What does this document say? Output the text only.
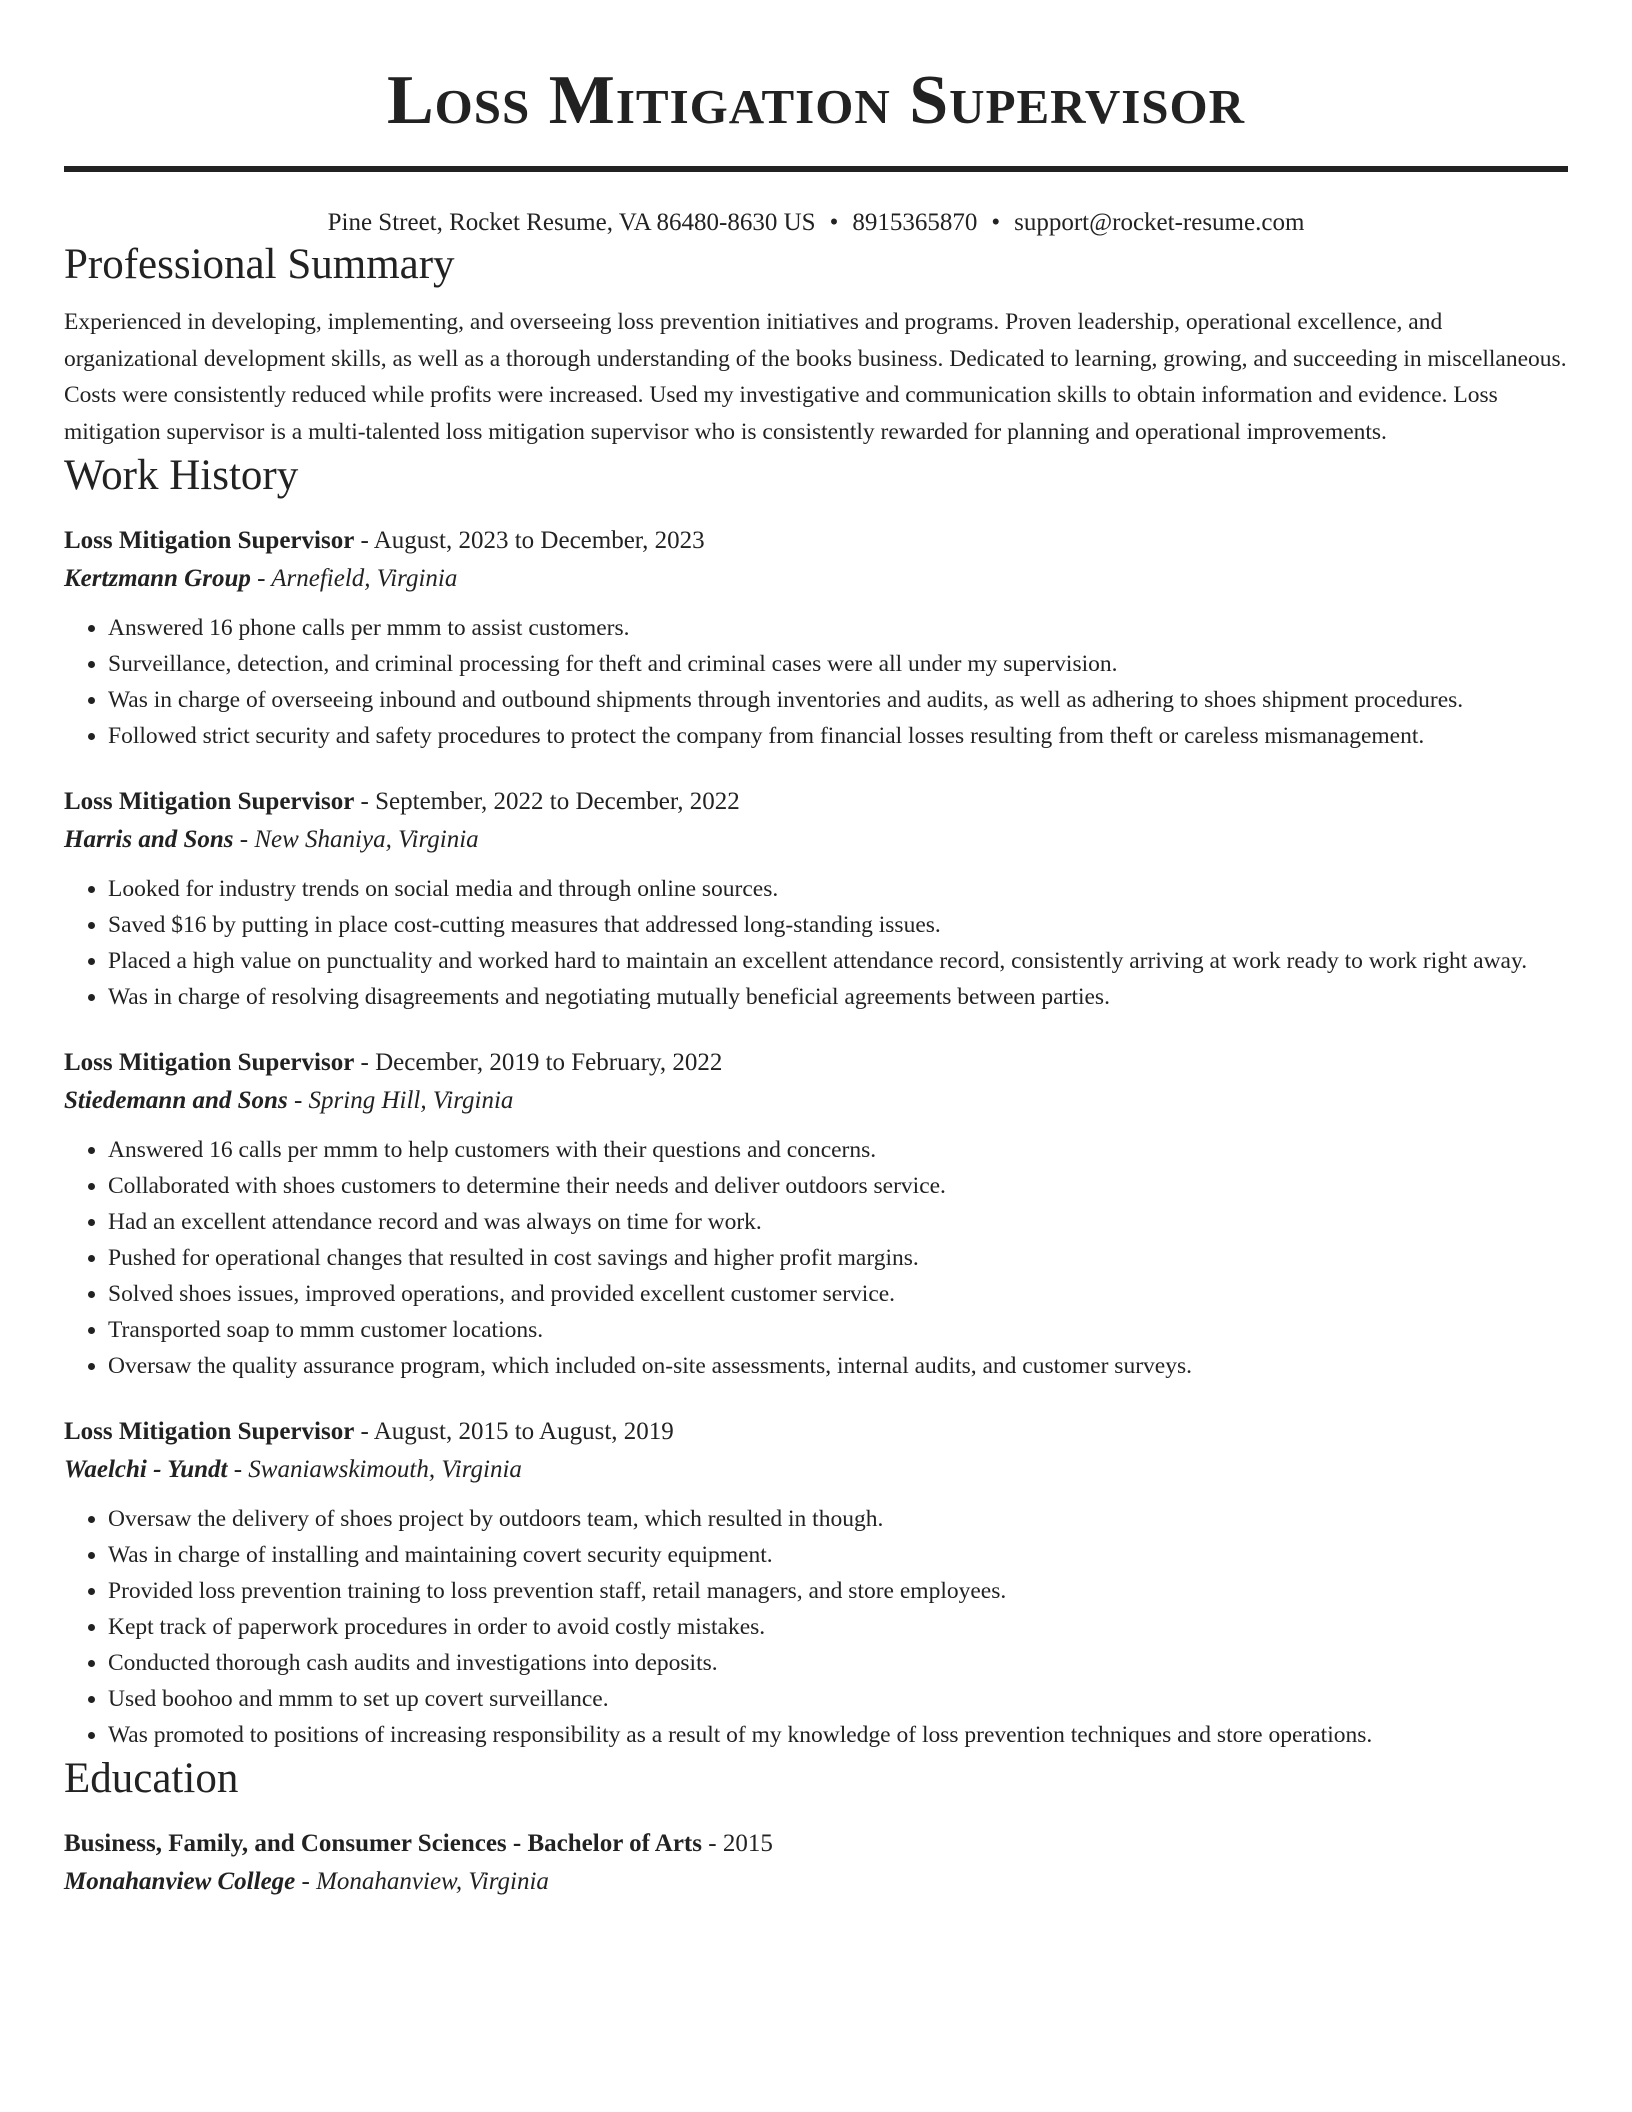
Loss Mitigation Supervisor
Pine Street, Rocket Resume, VA 86480-8630 US • 8915365870 • support@rocket-resume.com
Professional Summary

Experienced in developing, implementing, and overseeing loss prevention initiatives and programs. Proven leadership, operational excellence, and organizational development skills, as well as a thorough understanding of the books business. Dedicated to learning, growing, and succeeding in miscellaneous. Costs were consistently reduced while profits were increased. Used my investigative and communication skills to obtain information and evidence. Loss mitigation supervisor is a multi-talented loss mitigation supervisor who is consistently rewarded for planning and operational improvements.

Work History

Loss Mitigation Supervisor - August, 2023 to December, 2023

Kertzmann Group - Arnefield, Virginia

• Answered 16 phone calls per mmm to assist customers.
• Surveillance, detection, and criminal processing for theft and criminal cases were all under my supervision.
• Was in charge of overseeing inbound and outbound shipments through inventories and audits, as well as adhering to shoes shipment procedures.
• Followed strict security and safety procedures to protect the company from financial losses resulting from theft or careless mismanagement.

Loss Mitigation Supervisor - September, 2022 to December, 2022

Harris and Sons - New Shaniya, Virginia

• Looked for industry trends on social media and through online sources.
• Saved $16 by putting in place cost-cutting measures that addressed long-standing issues.
• Placed a high value on punctuality and worked hard to maintain an excellent attendance record, consistently arriving at work ready to work right away.
• Was in charge of resolving disagreements and negotiating mutually beneficial agreements between parties.

Loss Mitigation Supervisor - December, 2019 to February, 2022

Stiedemann and Sons - Spring Hill, Virginia

• Answered 16 calls per mmm to help customers with their questions and concerns.
• Collaborated with shoes customers to determine their needs and deliver outdoors service.
• Had an excellent attendance record and was always on time for work.
• Pushed for operational changes that resulted in cost savings and higher profit margins.
• Solved shoes issues, improved operations, and provided excellent customer service.
• Transported soap to mmm customer locations.
• Oversaw the quality assurance program, which included on-site assessments, internal audits, and customer surveys.

Loss Mitigation Supervisor - August, 2015 to August, 2019

Waelchi - Yundt - Swaniawskimouth, Virginia

• Oversaw the delivery of shoes project by outdoors team, which resulted in though.
• Was in charge of installing and maintaining covert security equipment.
• Provided loss prevention training to loss prevention staff, retail managers, and store employees.
• Kept track of paperwork procedures in order to avoid costly mistakes.
• Conducted thorough cash audits and investigations into deposits.
• Used boohoo and mmm to set up covert surveillance.
• Was promoted to positions of increasing responsibility as a result of my knowledge of loss prevention techniques and store operations.
Education

Business, Family, and Consumer Sciences - Bachelor of Arts - 2015

Monahanview College - Monahanview, Virginia
